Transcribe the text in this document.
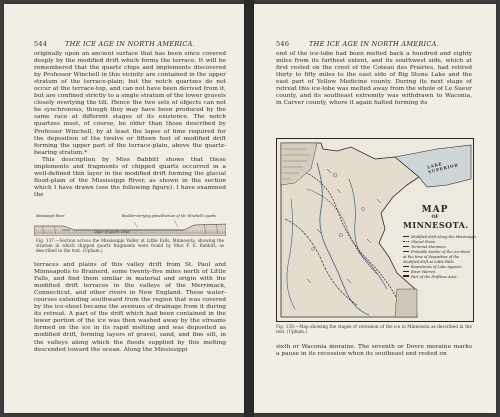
544	THE ICE AGE IN NORTH AMERICA.

originally upon an ancient surface that has been since covered deeply by the modified drift which forms the terrace. It will be remembered that the quartz chips and implements discovered by Professor Winchell in this vicinity are contained in the upper stratum of the terrace-plain; but the notch quartzes do not occur at the terrace-top, and can not have been derived from it, but are confined strictly to a single stratum of the lower gravels closely overlying the till. Hence the two sets of objects can not be synchronous, though they may have been produced by the same race at different stages of its existence. The notch quartzes must, of course, be older than those described by Professor Winchell, by at least the lapse of time required for the deposition of the twelve or fifteen feet of modified drift forming the upper part of the terrace-plain, above the quartz-bearing stratum.*

This description by Miss Babbitt shows that these implements and fragments of chipped quartz occurred in a well-defined thin layer in the modified drift forming the glacial flood-plain of the Mississippi River, as shown in the section which I have drawn (see the following figure). I have examined the

Mississippi River	Boulder-carrying gravel Horizon of Mr. Winchell's quartz
Layer of quartz chips
Fig. 137.—Section across the Mississippi Valley at Little Falls, Minnesota, showing the stratum in which chipped quartz fragments were found by Miss F. E. Babbitt, as described in the text. (Upham.)

terraces and plains of this valley drift from St. Paul and Minneapolis to Brainerd, some twenty-five miles north of Little Falls, and find them similar in material and origin with the modified drift terraces in the valleys of the Merrimack, Connecticut, and other rivers in New England. These water-courses extending southward from the region that was covered by the ice-sheet became the avenues of drainage from it during its retreat. A part of the drift which had been contained in the lower portion of the ice was then washed away by the streams formed on the ice in its rapid melting and was deposited as modified drift, forming layers of gravel, sand, and fine silt, in the valleys along which the floods supplied by this melting descended toward the ocean. Along the Mississippi

546	THE ICE AGE IN NORTH AMERICA.

end of the ice-lobe had been melted back a hundred and eighty miles from its farthest extent, and its southwest side, which at first rested on the crest of the Coteau des Prairies, had retired thirty to fifty miles to the east side of Big Stone Lake and the east part of Yellow Medicine county. During its next stage of retreat this ice-lobe was melted away from the whole of Le Sueur county, and its southeast extremity was withdrawn to Waconia, in Carver county, where it again halted forming its

LAKE SUPERIOR
MAP
OF
MINNESOTA.
Modified drift along the Mississippi
Glacial Striæ.
Terminal Moraines.
Probable border of the ice-sheet at the time of deposition of the Modified drift at Little Falls.
Boundaries of Lake Agassiz.
River Warren.
Part of the Driftless Area.
Fig. 138.—Map showing the stages of recession of the ice in Minnesota as described in the text. (Upham.)

sixth or Waconia moraine. The seventh or Dovre moraine marks a pause in its recession when its southeast end rested on
